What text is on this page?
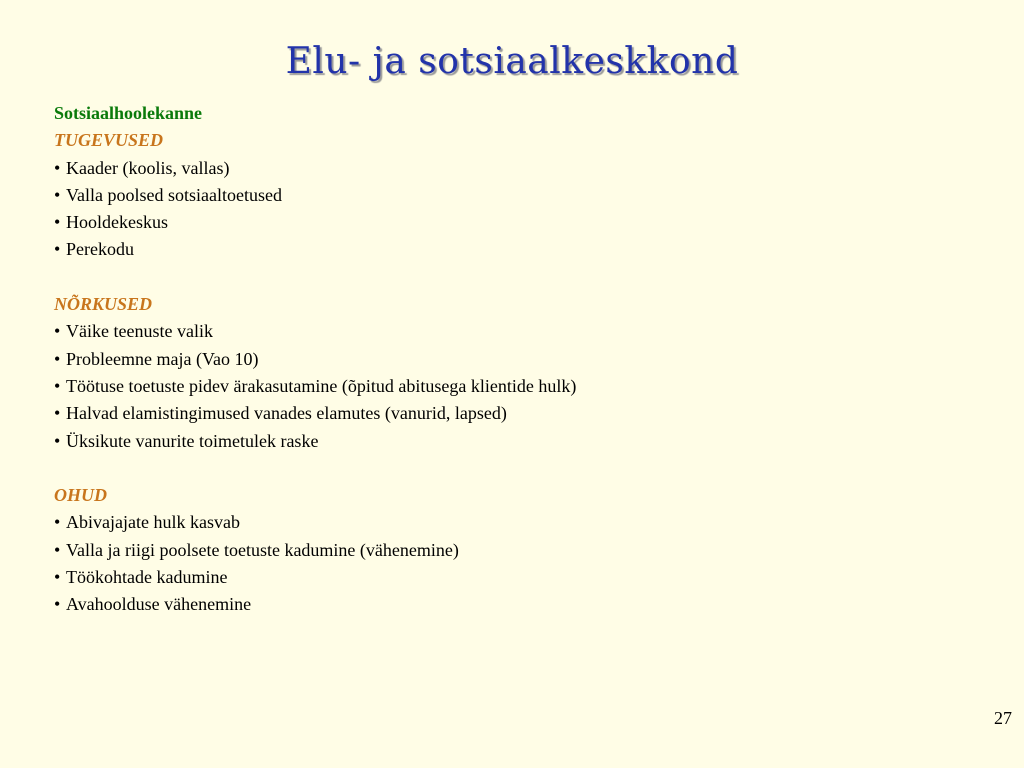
Elu- ja sotsiaalkeskkond
Sotsiaalhoolekanne
TUGEVUSED
• Kaader (koolis, vallas)
• Valla poolsed sotsiaaltoetused
• Hooldekeskus
• Perekodu
NÕRKUSED
• Väike teenuste valik
• Probleemne maja (Vao 10)
• Töötuse toetuste pidev ärakasutamine (õpitud abitusega klientide hulk)
• Halvad elamistingimused vanades elamutes (vanurid, lapsed)
• Üksikute vanurite toimetulek raske
OHUD
• Abivajajate hulk kasvab
• Valla ja riigi poolsete toetuste kadumine (vähenemine)
• Töökohtade kadumine
• Avahoolduse vähenemine
27
